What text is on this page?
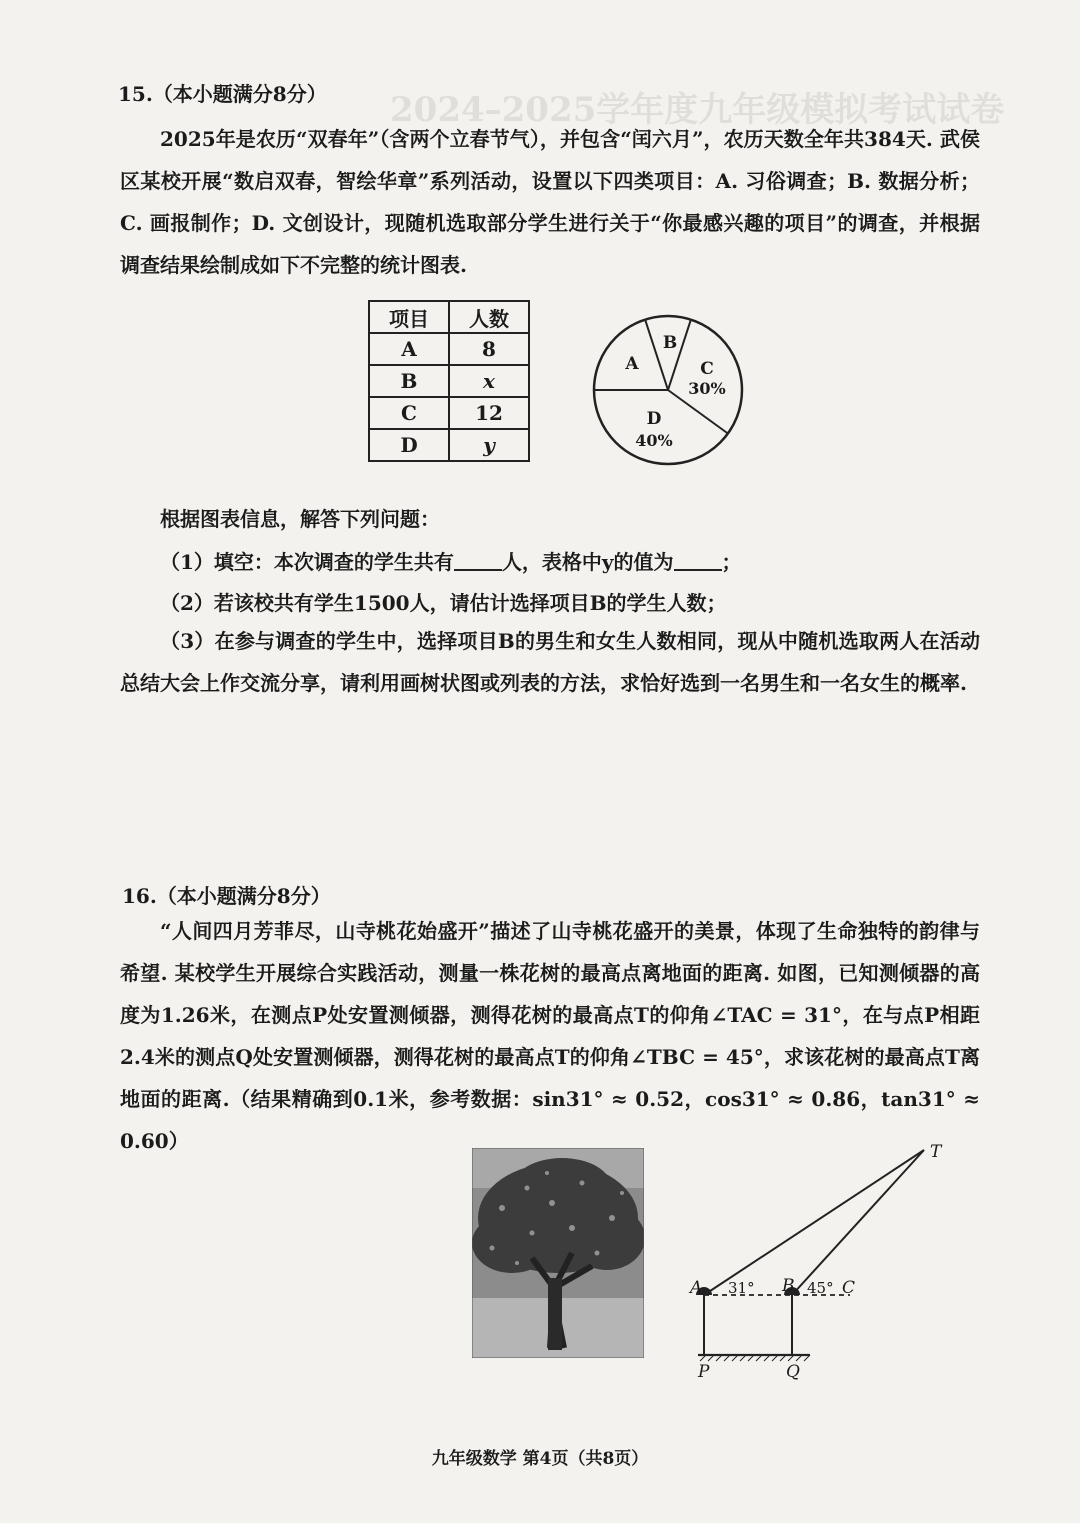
2024–2025学年度九年级模拟考试试卷
15.（本小题满分8分）

2025年是农历“双春年”（含两个立春节气），并包含“闰六月”，农历天数全年共384天. 武侯区某校开展“数启双春，智绘华章”系列活动，设置以下四类项目：A. 习俗调查；B. 数据分析；C. 画报制作；D. 文创设计，现随机选取部分学生进行关于“你最感兴趣的项目”的调查，并根据调查结果绘制成如下不完整的统计图表.

项目	人数
A	8
B	x
C	12
D	y
A
B
C
30%
D
40%
根据图表信息，解答下列问题：
（1）填空：本次调查的学生共有 人，表格中y的值为 ；
（2）若该校共有学生1500人，请估计选择项目B的学生人数；

（3）在参与调查的学生中，选择项目B的男生和女生人数相同，现从中随机选取两人在活动总结大会上作交流分享，请利用画树状图或列表的方法，求恰好选到一名男生和一名女生的概率.

16.（本小题满分8分）

“人间四月芳菲尽，山寺桃花始盛开”描述了山寺桃花盛开的美景，体现了生命独特的韵律与希望. 某校学生开展综合实践活动，测量一株花树的最高点离地面的距离. 如图，已知测倾器的高度为1.26米，在测点P处安置测倾器，测得花树的最高点T的仰角∠TAC = 31°，在与点P相距2.4米的测点Q处安置测倾器，测得花树的最高点T的仰角∠TBC = 45°，求该花树的最高点T离地面的距离.（结果精确到0.1米，参考数据：sin31° ≈ 0.52，cos31° ≈ 0.86，tan31° ≈ 0.60）	T
A	B	C
31°	45°
P	Q
九年级数学 第4页（共8页）
